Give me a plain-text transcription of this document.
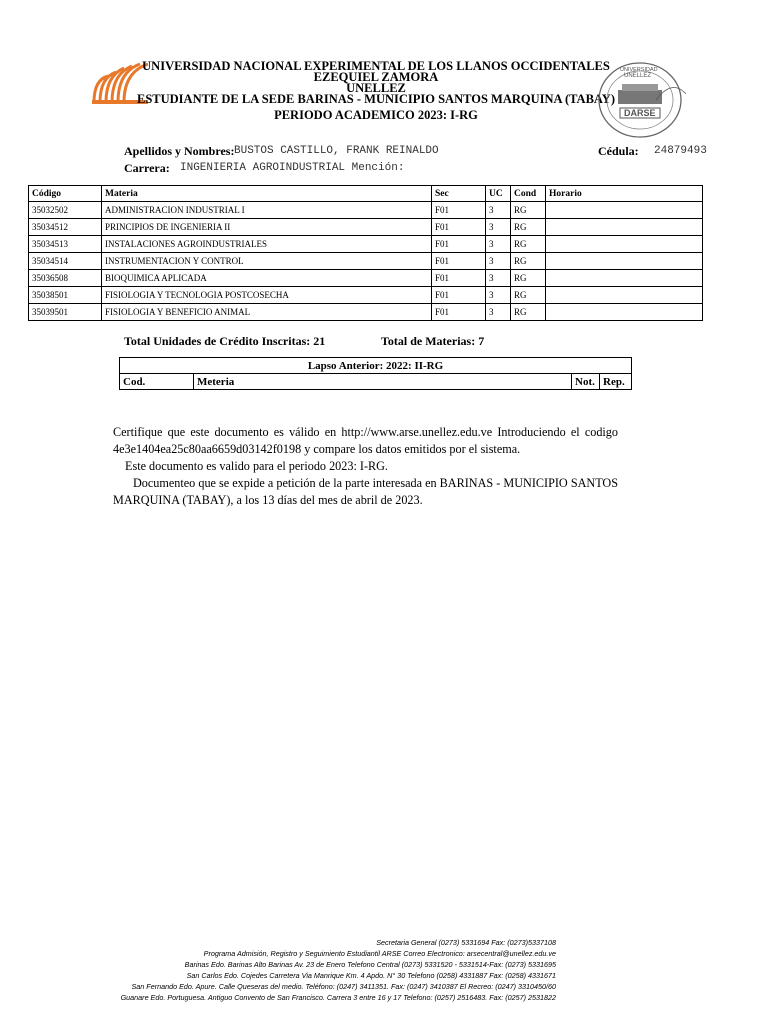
UNIVERSIDAD NACIONAL EXPERIMENTAL DE LOS LLANOS OCCIDENTALES
EZEQUIEL ZAMORA
UNELLEZ
ESTUDIANTE DE LA SEDE BARINAS - MUNICIPIO SANTOS MARQUINA (TABAY)
PERIODO ACADEMICO 2023: I-RG
UNIVERSIDAD
UNELLEZ
DARSE
Apellidos y Nombres: BUSTOS CASTILLO, FRANK REINALDO	Cédula: 24879493
Carrera: INGENIERIA AGROINDUSTRIAL Mención:
Código	Materia	Sec	UC	Cond	Horario
35032502	ADMINISTRACION INDUSTRIAL I	F01	3	RG	
35034512	PRINCIPIOS DE INGENIERIA II	F01	3	RG	
35034513	INSTALACIONES AGROINDUSTRIALES	F01	3	RG	
35034514	INSTRUMENTACION Y CONTROL	F01	3	RG	
35036508	BIOQUIMICA APLICADA	F01	3	RG	
35038501	FISIOLOGIA Y TECNOLOGIA POSTCOSECHA	F01	3	RG	
35039501	FISIOLOGIA Y BENEFICIO ANIMAL	F01	3	RG	
Total Unidades de Crédito Inscritas: 21	Total de Materias: 7
Lapso Anterior: 2022: II-RG
Cod.	Meteria	Not.	Rep.
Certifique que este documento es válido en http://www.arse.unellez.edu.ve Introduciendo el codigo 4e3e1404ea25c80aa6659d03142f0198 y compare los datos emitidos por el sistema.
Este documento es valido para el periodo 2023: I-RG.
Documenteo que se expide a petición de la parte interesada en BARINAS - MUNICIPIO SANTOS MARQUINA (TABAY), a los 13 días del mes de abril de 2023.
Secretaria General (0273) 5331694 Fax: (0273)5337108
Programa Admisión, Registro y Seguimiento Estudiantil ARSE Correo Electronico: arsecentral@unellez.edu.ve
Barinas Edo. Barinas Alto Barinas Av. 23 de Enero Telefono Central (0273) 5331520 - 5331514-Fax: (0273) 5331695
San Carlos Edo. Cojedes Carretera Via Manrique Km. 4 Apdo. N° 30 Telefono (0258) 4331887 Fax: (0258) 4331671
San Fernando Edo. Apure. Calle Queseras del medio. Teléfono: (0247) 3411351. Fax: (0247) 3410387 El Recreo: (0247) 3310450/60
Guanare Edo. Portuguesa. Antiguo Convento de San Francisco. Carrera 3 entre 16 y 17 Telefono: (0257) 2516483. Fax: (0257) 2531822
